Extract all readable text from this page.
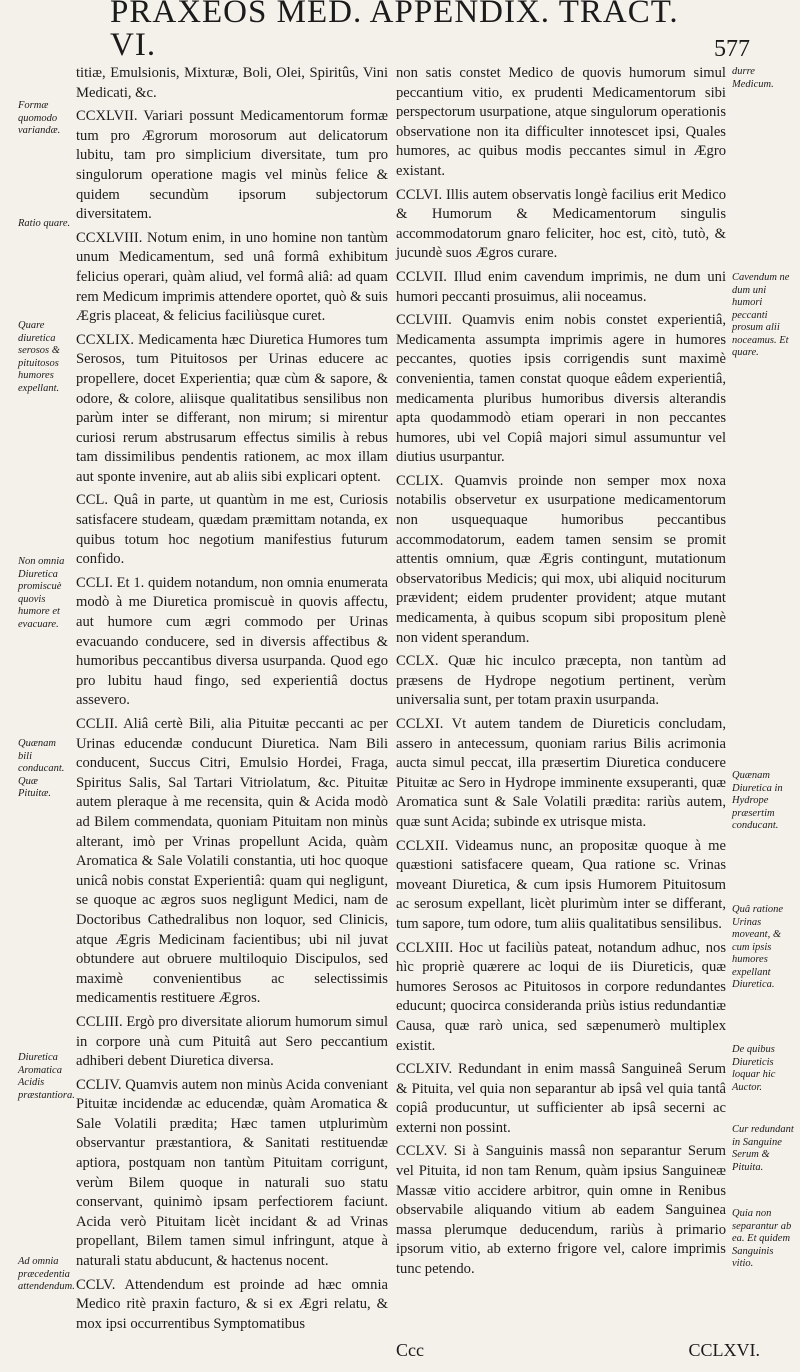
PRAXEOS MED. APPENDIX. TRACT. VI.	577

titiæ, Emulsionis, Mixturæ, Boli, Olei, Spiritûs, Vini Medicati, &c.

CCXLVII. Variari possunt Medicamentorum formæ tum pro Ægrorum morosorum aut delicatorum lubitu, tam pro simplicium diversitate, tum pro singulorum operatione magis vel minùs felice & quidem secundùm ipsorum subjectorum diversitatem.

CCXLVIII. Notum enim, in uno homine non tantùm unum Medicamentum, sed unâ formâ exhibitum felicius operari, quàm aliud, vel formâ aliâ: ad quam rem Medicum imprimis attendere oportet, quò & suis Ægris placeat, & felicius faciliùsque curet.

CCXLIX. Medicamenta hæc Diuretica Humores tum Serosos, tum Pituitosos per Urinas educere ac propellere, docet Experientia; quæ cùm & sapore, & odore, & colore, aliisque qualitatibus sensilibus non parùm inter se differant, non mirum; si mirentur curiosi rerum abstrusarum effectus similis à rebus tam dissimilibus pendentis rationem, ac mox illam aut sponte invenire, aut ab aliis sibi explicari optent.

CCL. Quâ in parte, ut quantùm in me est, Curiosis satisfacere studeam, quædam præmittam notanda, ex quibus totum hoc negotium manifestius futurum confido.

CCLI. Et 1. quidem notandum, non omnia enumerata modò à me Diuretica promiscuè in quovis affectu, aut humore cum ægri commodo per Urinas evacuando conducere, sed in diversis affectibus & humoribus peccantibus diversa usurpanda. Quod ego pro lubitu haud fingo, sed experientiâ doctus assevero.

CCLII. Aliâ certè Bili, alia Pituitæ peccanti ac per Urinas educendæ conducunt Diuretica. Nam Bili conducent, Succus Citri, Emulsio Hordei, Fraga, Spiritus Salis, Sal Tartari Vitriolatum, &c. Pituitæ autem pleraque à me recensita, quin & Acida modò ad Bilem commendata, quoniam Pituitam non minùs alterant, imò per Vrinas propellunt Acida, quàm Aromatica & Sale Volatili constantia, uti hoc quoque unicâ nobis constat Experientiâ: quam qui negligunt, se quoque ac ægros suos negligunt Medici, nam de Doctoribus Cathedralibus non loquor, sed Clinicis, atque Ægris Medicinam facientibus; ubi nil juvat obtundere aut obruere multiloquio Discipulos, sed maximè convenientibus ac selectissimis medicamentis restituere Ægros.

CCLIII. Ergò pro diversitate aliorum humorum simul in corpore unà cum Pituitâ aut Sero peccantium adhiberi debent Diuretica diversa.

CCLIV. Quamvis autem non minùs Acida conveniant Pituitæ incidendæ ac educendæ, quàm Aromatica & Sale Volatili prædita; Hæc tamen utplurimùm observantur præstantiora, & Sanitati restituendæ aptiora, postquam non tantùm Pituitam corrigunt, verùm Bilem quoque in naturali suo statu conservant, quinimò ipsam perfectiorem faciunt. Acida verò Pituitam licèt incidant & ad Vrinas propellant, Bilem tamen simul infringunt, atque à naturali statu abducunt, & hactenus nocent.

CCLV. Attendendum est proinde ad hæc omnia Medico ritè praxin facturo, & si ex Ægri relatu, & mox ipsi occurrentibus Symptomatibus

non satis constet Medico de quovis humorum simul peccantium vitio, ex prudenti Medicamentorum sibi perspectorum usurpatione, atque singulorum operationis observatione non ita difficulter innotescet ipsi, Quales humores, ac quibus modis peccantes simul in Ægro existant.

CCLVI. Illis autem observatis longè facilius erit Medico & Humorum & Medicamentorum singulis accommodatorum gnaro feliciter, hoc est, citò, tutò, & jucundè suos Ægros curare.

CCLVII. Illud enim cavendum imprimis, ne dum uni humori peccanti prosuimus, alii noceamus.

CCLVIII. Quamvis enim nobis constet experientiâ, Medicamenta assumpta imprimis agere in humores peccantes, quoties ipsis corrigendis sunt maximè convenientia, tamen constat quoque eâdem experientiâ, medicamenta pluribus humoribus diversis alterandis apta quodammodò etiam operari in non peccantes humores, ubi vel Copiâ majori simul assumuntur vel diutius usurpantur.

CCLIX. Quamvis proinde non semper mox noxa notabilis observetur ex usurpatione medicamentorum non usquequaque humoribus peccantibus accommodatorum, eadem tamen sensim se promit attentis omnium, quæ Ægris contingunt, mutationum observatoribus Medicis; qui mox, ubi aliquid nociturum prævident; eidem prudenter provident; atque mutant medicamenta, à quibus scopum sibi propositum plenè non vident sperandum.

CCLX. Quæ hic inculco præcepta, non tantùm ad præsens de Hydrope negotium pertinent, verùm universalia sunt, per totam praxin usurpanda.

CCLXI. Vt autem tandem de Diureticis concludam, assero in antecessum, quoniam rarius Bilis acrimonia aucta simul peccat, illa præsertim Diuretica conducere Pituitæ ac Sero in Hydrope imminente exsuperanti, quæ Aromatica sunt & Sale Volatili prædita: rariùs autem, quæ sunt Acida; subinde ex utrisque mista.

CCLXII. Videamus nunc, an propositæ quoque à me quæstioni satisfacere queam, Qua ratione sc. Vrinas moveant Diuretica, & cum ipsis Humorem Pituitosum ac serosum expellant, licèt plurimùm inter se differant, tum sapore, tum odore, tum aliis qualitatibus sensilibus.

CCLXIII. Hoc ut faciliùs pateat, notandum adhuc, nos hìc propriè quærere ac loqui de iis Diureticis, quæ humores Serosos ac Pituitosos in corpore redundantes educunt; quocirca consideranda priùs istius redundantiæ Causa, quæ rarò unica, sed sæpenumerò multiplex existit.

CCLXIV. Redundant in enim massâ Sanguineâ Serum & Pituita, vel quia non separantur ab ipsâ vel quia tantâ copiâ producuntur, ut sufficienter ab ipsâ secerni ac externi non possint.

CCLXV. Si à Sanguinis massâ non separantur Serum vel Pituita, id non tam Renum, quàm ipsius Sanguineæ Massæ vitio accidere arbitror, quin omne in Renibus observabile aliquando vitium ab eadem Sanguinea massa plerumque deducendum, rariùs à primario ipsorum vitio, ab externo frigore vel, calore imprimis tunc petendo.

Formæ quomodo variandæ.
Ratio quare.
Quare diuretica serosos & pituitosos humores expellant.
Non omnia Diuretica promiscuè quovis humore et evacuare.
Quænam bili conducant. Quæ Pituitæ.
Diuretica Aromatica Acidis præstantiora.
Ad omnia præcedentia attendendum.
durre Medicum.
Cavendum ne dum uni humori peccanti prosum alii noceamus. Et quare.
Quænam Diuretica in Hydrope præsertim conducant.
Quâ ratione Urinas moveant, & cum ipsis humores expellant Diuretica.
De quibus Diureticis loquar hic Auctor.
Cur redundant in Sanguine Serum & Pituita.
Quia non separantur ab ea. Et quidem Sanguinis vitio.
Ccc	CCLXVI.
